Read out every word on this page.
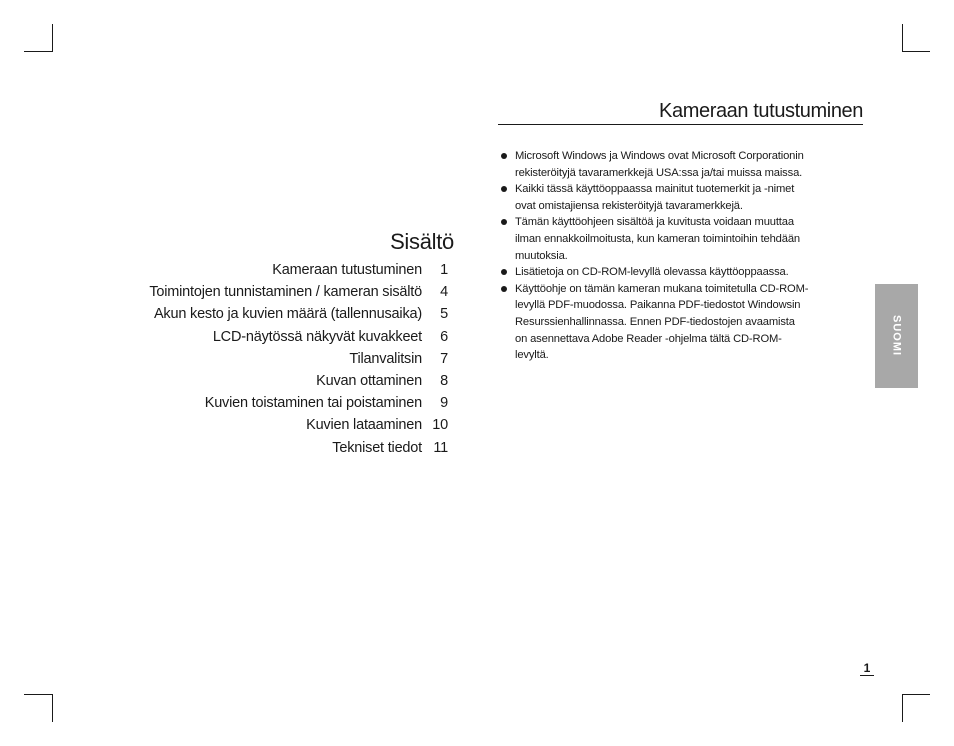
Sisältö
Kameraan tutustuminen	1
Toimintojen tunnistaminen / kameran sisältö	4
Akun kesto ja kuvien määrä (tallennusaika)	5
LCD-näytössä näkyvät kuvakkeet	6
Tilanvalitsin	7
Kuvan ottaminen	8
Kuvien toistaminen tai poistaminen	9
Kuvien lataaminen 10
Tekniset tiedot 11
Kameraan tutustuminen
Microsoft Windows ja Windows ovat Microsoft Corporationin
rekisteröityjä tavaramerkkejä USA:ssa ja/tai muissa maissa.
Kaikki tässä käyttöoppaassa mainitut tuotemerkit ja -nimet
ovat omistajiensa rekisteröityjä tavaramerkkejä.
Tämän käyttöohjeen sisältöä ja kuvitusta voidaan muuttaa
ilman ennakkoilmoitusta, kun kameran toimintoihin tehdään
muutoksia.
Lisätietoja on CD-ROM-levyllä olevassa käyttöoppaassa.
Käyttöohje on tämän kameran mukana toimitetulla CD-ROM-
levyllä PDF-muodossa. Paikanna PDF-tiedostot Windowsin
Resurssienhallinnassa. Ennen PDF-tiedostojen avaamista
on asennettava Adobe Reader -ohjelma tältä CD-ROM-
levyltä.	SUOMI
1
